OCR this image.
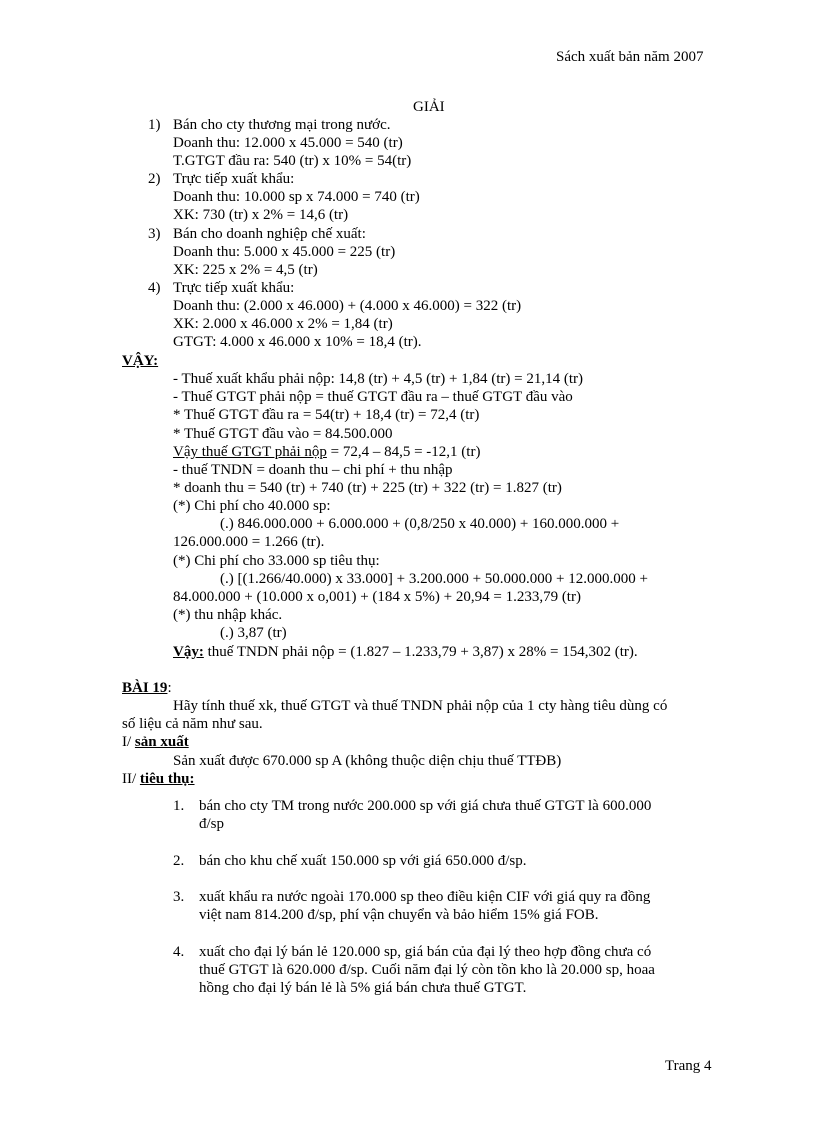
Sách xuất bản năm 2007
GIẢI
1) Bán cho cty thương mại trong nước.
Doanh thu: 12.000 x 45.000 = 540 (tr)
T.GTGT đầu ra: 540 (tr) x 10% = 54(tr)
2) Trực tiếp xuất khẩu:
Doanh thu: 10.000 sp x 74.000 = 740 (tr)
XK: 730 (tr) x 2% = 14,6 (tr)
3) Bán cho doanh nghiệp chế xuất:
Doanh thu: 5.000 x 45.000 = 225 (tr)
XK: 225 x 2% = 4,5 (tr)
4) Trực tiếp xuất khẩu:
Doanh thu: (2.000 x 46.000) + (4.000 x 46.000) = 322 (tr)
XK: 2.000 x 46.000 x 2% = 1,84 (tr)
GTGT: 4.000 x 46.000 x 10% = 18,4 (tr).
VẬY:
- Thuế xuất khẩu phải nộp: 14,8 (tr) + 4,5 (tr) + 1,84 (tr) = 21,14 (tr)
- Thuế GTGT phải nộp = thuế GTGT đầu ra – thuế GTGT đầu vào
* Thuế GTGT đầu ra = 54(tr) + 18,4 (tr) = 72,4 (tr)
* Thuế GTGT đầu vào = 84.500.000
Vậy thuế GTGT phải nộp = 72,4 – 84,5 = -12,1 (tr)
- thuế TNDN = doanh thu – chi phí + thu nhập
* doanh thu = 540 (tr) + 740 (tr) + 225 (tr) + 322 (tr) = 1.827 (tr)
(*) Chi phí cho 40.000 sp:
(.) 846.000.000 + 6.000.000 + (0,8/250 x 40.000) + 160.000.000 +
126.000.000 = 1.266 (tr).
(*) Chi phí cho 33.000 sp tiêu thụ:
(.) [(1.266/40.000) x 33.000] + 3.200.000 + 50.000.000 + 12.000.000 +
84.000.000 + (10.000 x o,001) + (184 x 5%) + 20,94 = 1.233,79 (tr)
(*) thu nhập khác.
(.) 3,87 (tr)
Vậy: thuế TNDN phải nộp = (1.827 – 1.233,79 + 3,87) x 28% = 154,302 (tr).
BÀI 19:
Hãy tính thuế xk, thuế GTGT và thuế TNDN phải nộp của 1 cty hàng tiêu dùng có
số liệu cả năm như sau.
I/ sản xuất
Sản xuất được 670.000 sp A (không thuộc diện chịu thuế TTĐB)
II/ tiêu thụ:
1. bán cho cty TM trong nước 200.000 sp với giá chưa thuế GTGT là 600.000
đ/sp
2. bán cho khu chế xuất 150.000 sp với giá 650.000 đ/sp.
3. xuất khẩu ra nước ngoài 170.000 sp theo điều kiện CIF với giá quy ra đồng
việt nam 814.200 đ/sp, phí vận chuyển và bảo hiểm 15% giá FOB.
4. xuất cho đại lý bán lẻ 120.000 sp, giá bán của đại lý theo hợp đồng chưa có
thuế GTGT là 620.000 đ/sp. Cuối năm đại lý còn tồn kho là 20.000 sp, hoaa
hồng cho đại lý bán lẻ là 5% giá bán chưa thuế GTGT.
Trang 4
